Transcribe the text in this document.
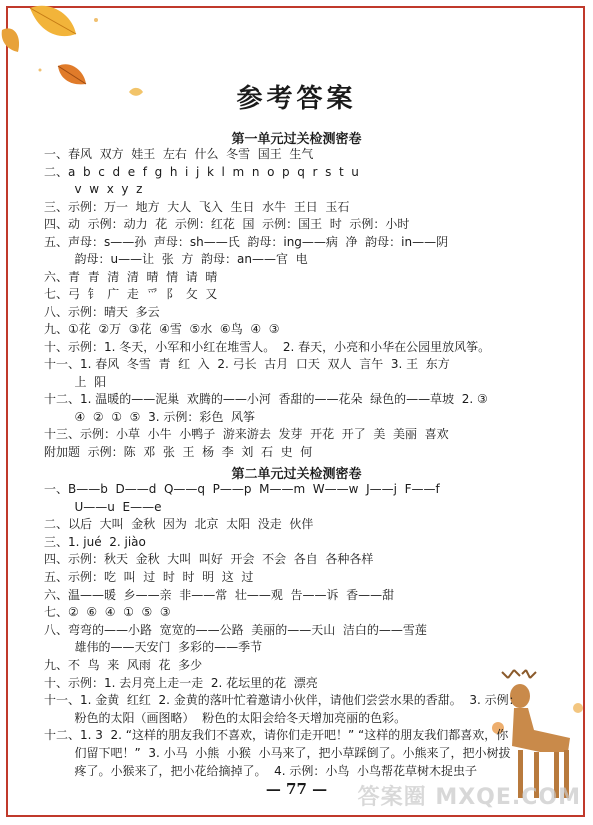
参考答案
第一单元过关检测密卷
一、春风  双方  娃王  左右  什么  冬雪  国王  生气
二、a  b  c  d  e  f  g  h  i  j  k  l  m  n  o  p  q  r  s  t  u
v  w  x  y  z
三、示例：万一  地方  大人  飞入  生日  水牛  王日  玉石
四、动  示例：动力  花  示例：红花  国  示例：国王  时  示例：小时
五、声母：s——孙  声母：sh——氏  韵母：ing——病  净  韵母：in——阴
韵母：u——让  张  方  韵母：an——官  电
六、青  青  清  清  晴  情  请  晴
七、弓  钅  广  走  爫  阝  攵  又
八、示例：晴天  多云
九、①花  ②万  ③花  ④雪  ⑤水  ⑥鸟  ④  ③
十、示例：1. 冬天，小军和小红在堆雪人。  2. 春天，小亮和小华在公园里放风筝。
十一、1. 春风  冬雪  青  红  入  2. 弓长  古月  口天  双人  言午  3. 王  东方
上  阳
十二、1. 温暖的——泥巢  欢腾的——小河  香甜的——花朵  绿色的——草坡  2. ③
④  ②  ①  ⑤  3. 示例：彩色  风筝
十三、示例：小草  小牛  小鸭子  游来游去  发芽  开花  开了  美  美丽  喜欢
附加题  示例：陈  邓  张  王  杨  李  刘  石  史  何
第二单元过关检测密卷
一、B——b  D——d  Q——q  P——p  M——m  W——w  J——j  F——f
U——u  E——e
二、以后  大叫  金秋  因为  北京  太阳  没走  伙伴
三、1. jué  2. jiào
四、示例：秋天  金秋  大叫  叫好  开会  不会  各自  各种各样
五、示例：吃  叫  过  时  时  明  这  过
六、温——暖  乡——亲  非——常  壮——观  告——诉  香——甜
七、②  ⑥  ④  ①  ⑤  ③
八、弯弯的——小路  宽宽的——公路  美丽的——天山  洁白的——雪莲
雄伟的——天安门  多彩的——季节
九、不  鸟  来  风雨  花  多少
十、示例：1. 去月亮上走一走  2. 花坛里的花  漂亮
十一、1. 金黄  红红  2. 金黄的落叶忙着邀请小伙伴，请他们尝尝水果的香甜。  3. 示例：
粉色的太阳（画图略）  粉色的太阳会给冬天增加亮丽的色彩。
十二、1. 3  2. “这样的朋友我们不喜欢，请你们走开吧！” “这样的朋友我们都喜欢，你
们留下吧！”  3. 小马  小熊  小猴  小马来了，把小草踩倒了。小熊来了，把小树拔
疼了。小猴来了，把小花给摘掉了。  4. 示例：小鸟  小鸟帮花草树木捉虫子
— 77 —	答案圈 MXQE.COM
